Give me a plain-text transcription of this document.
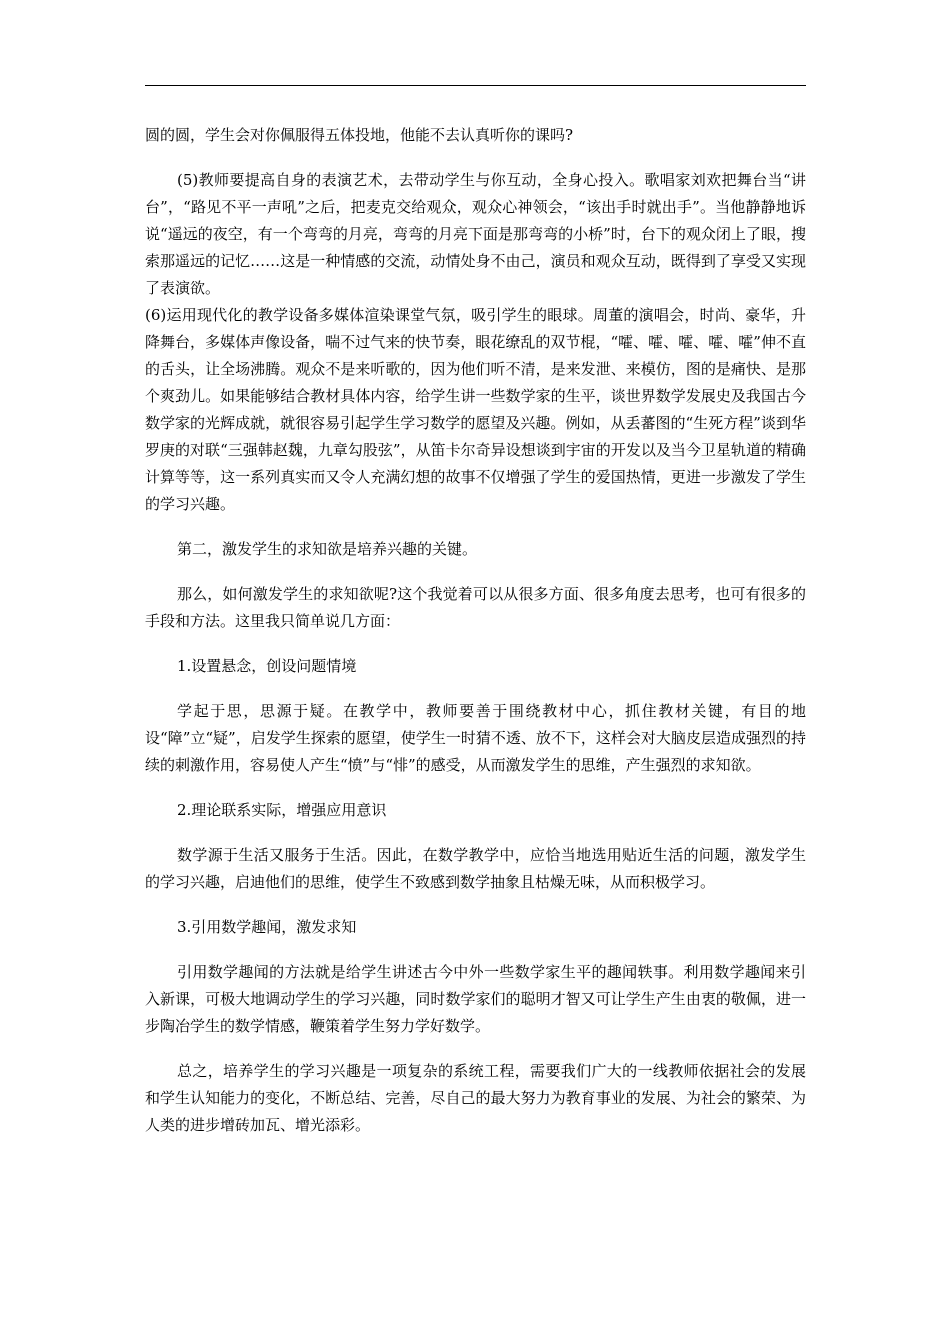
圆的圆，学生会对你佩服得五体投地，他能不去认真听你的课吗?

(5)教师要提高自身的表演艺术，去带动学生与你互动，全身心投入。歌唱家刘欢把舞台当“讲台”，“路见不平一声吼”之后，把麦克交给观众，观众心神领会，“该出手时就出手”。当他静静地诉说“遥远的夜空，有一个弯弯的月亮，弯弯的月亮下面是那弯弯的小桥”时，台下的观众闭上了眼，搜索那遥远的记忆……这是一种情感的交流，动情处身不由己，演员和观众互动，既得到了享受又实现了表演欲。

(6)运用现代化的教学设备多媒体渲染课堂气氛，吸引学生的眼球。周董的演唱会，时尚、豪华，升降舞台，多媒体声像设备，喘不过气来的快节奏，眼花缭乱的双节棍，“嚯、嚯、嚯、嚯、嚯”伸不直的舌头，让全场沸腾。观众不是来听歌的，因为他们听不清，是来发泄、来模仿，图的是痛快、是那个爽劲儿。如果能够结合教材具体内容，给学生讲一些数学家的生平，谈世界数学发展史及我国古今数学家的光辉成就，就很容易引起学生学习数学的愿望及兴趣。例如，从丢蕃图的“生死方程”谈到华罗庚的对联“三强韩赵魏，九章勾股弦”，从笛卡尔奇异设想谈到宇宙的开发以及当今卫星轨道的精确计算等等，这一系列真实而又令人充满幻想的故事不仅增强了学生的爱国热情，更进一步激发了学生的学习兴趣。

第二，激发学生的求知欲是培养兴趣的关键。

那么，如何激发学生的求知欲呢?这个我觉着可以从很多方面、很多角度去思考，也可有很多的手段和方法。这里我只简单说几方面：

1.设置悬念，创设问题情境

学起于思，思源于疑。在教学中，教师要善于围绕教材中心，抓住教材关键，有目的地设“障”立“疑”，启发学生探索的愿望，使学生一时猜不透、放不下，这样会对大脑皮层造成强烈的持续的刺激作用，容易使人产生“愤”与“悱”的感受，从而激发学生的思维，产生强烈的求知欲。

2.理论联系实际，增强应用意识

数学源于生活又服务于生活。因此，在数学教学中，应恰当地选用贴近生活的问题，激发学生的学习兴趣，启迪他们的思维，使学生不致感到数学抽象且枯燥无味，从而积极学习。

3.引用数学趣闻，激发求知

引用数学趣闻的方法就是给学生讲述古今中外一些数学家生平的趣闻轶事。利用数学趣闻来引入新课，可极大地调动学生的学习兴趣，同时数学家们的聪明才智又可让学生产生由衷的敬佩，进一步陶冶学生的数学情感，鞭策着学生努力学好数学。

总之，培养学生的学习兴趣是一项复杂的系统工程，需要我们广大的一线教师依据社会的发展和学生认知能力的变化，不断总结、完善，尽自己的最大努力为教育事业的发展、为社会的繁荣、为人类的进步增砖加瓦、增光添彩。
